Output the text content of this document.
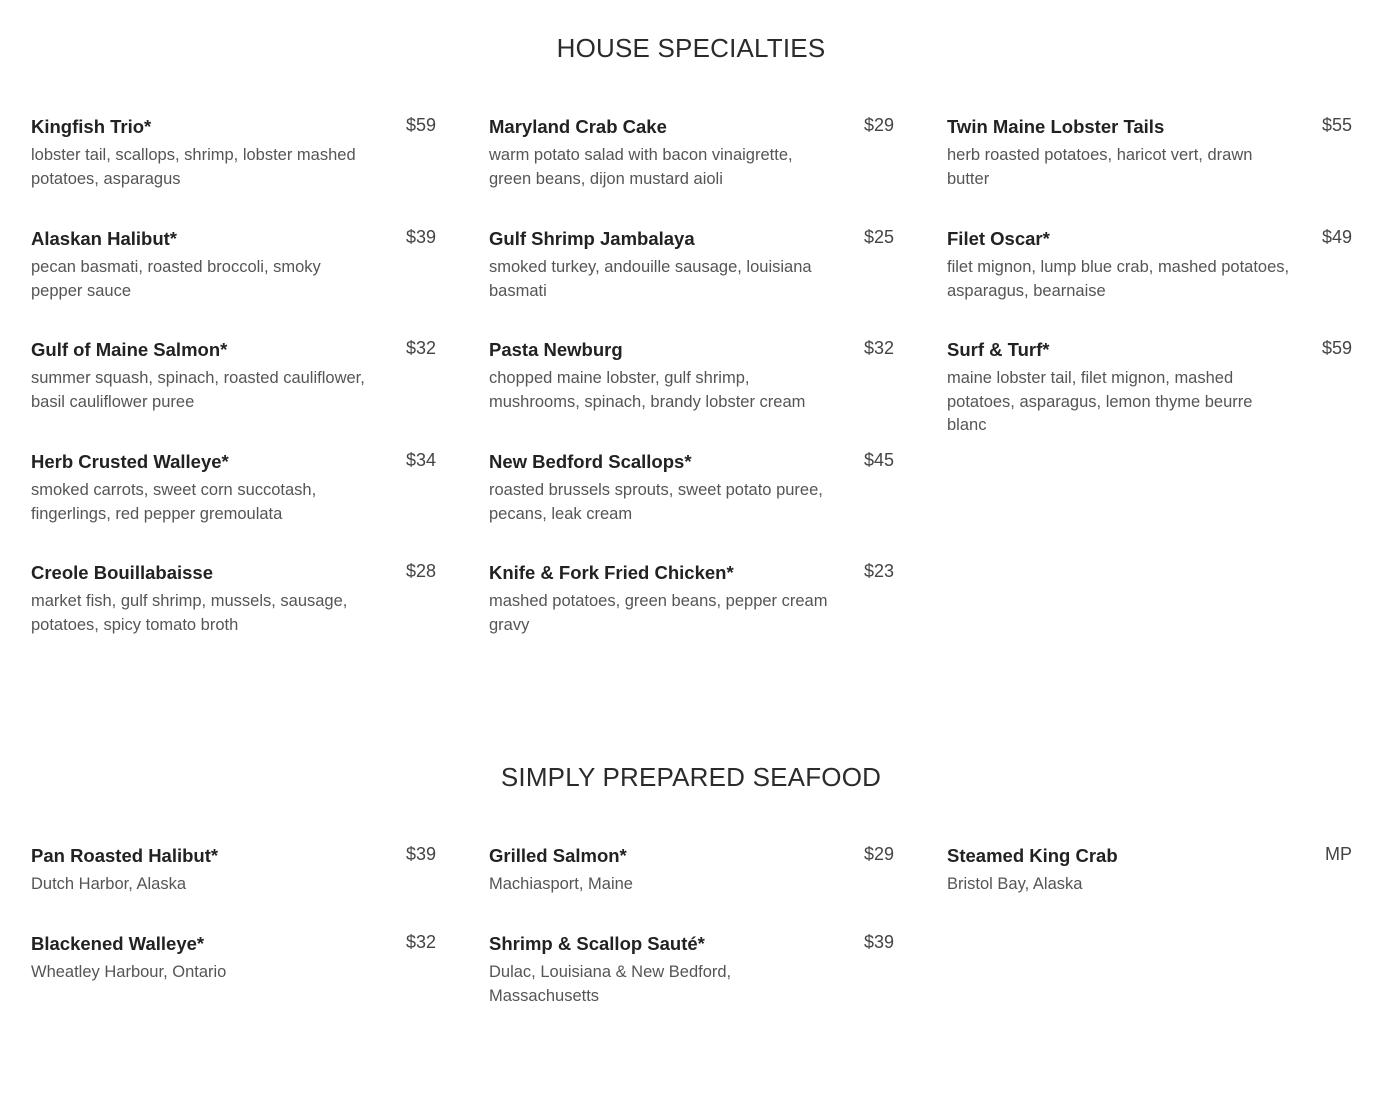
HOUSE SPECIALTIES
Kingfish Trio*	$59
lobster tail, scallops, shrimp, lobster mashed potatoes, asparagus
Alaskan Halibut*	$39
pecan basmati, roasted broccoli, smoky pepper sauce
Gulf of Maine Salmon*	$32
summer squash, spinach, roasted cauliflower, basil cauliflower puree
Herb Crusted Walleye*	$34
smoked carrots, sweet corn succotash, fingerlings, red pepper gremoulata
Creole Bouillabaisse	$28
market fish, gulf shrimp, mussels, sausage, potatoes, spicy tomato broth
Maryland Crab Cake	$29
warm potato salad with bacon vinaigrette, green beans, dijon mustard aioli
Gulf Shrimp Jambalaya	$25
smoked turkey, andouille sausage, louisiana basmati
Pasta Newburg	$32
chopped maine lobster, gulf shrimp, mushrooms, spinach, brandy lobster cream
New Bedford Scallops*	$45
roasted brussels sprouts, sweet potato puree, pecans, leak cream
Knife & Fork Fried Chicken*	$23
mashed potatoes, green beans, pepper cream gravy
Twin Maine Lobster Tails	$55
herb roasted potatoes, haricot vert, drawn butter
Filet Oscar*	$49
filet mignon, lump blue crab, mashed potatoes, asparagus, bearnaise
Surf & Turf*	$59
maine lobster tail, filet mignon, mashed potatoes, asparagus, lemon thyme beurre blanc
SIMPLY PREPARED SEAFOOD
Pan Roasted Halibut*	$39
Dutch Harbor, Alaska
Blackened Walleye*	$32
Wheatley Harbour, Ontario
Grilled Salmon*	$29
Machiasport, Maine
Shrimp & Scallop Sauté*	$39
Dulac, Louisiana & New Bedford, Massachusetts
Steamed King Crab	MP
Bristol Bay, Alaska
